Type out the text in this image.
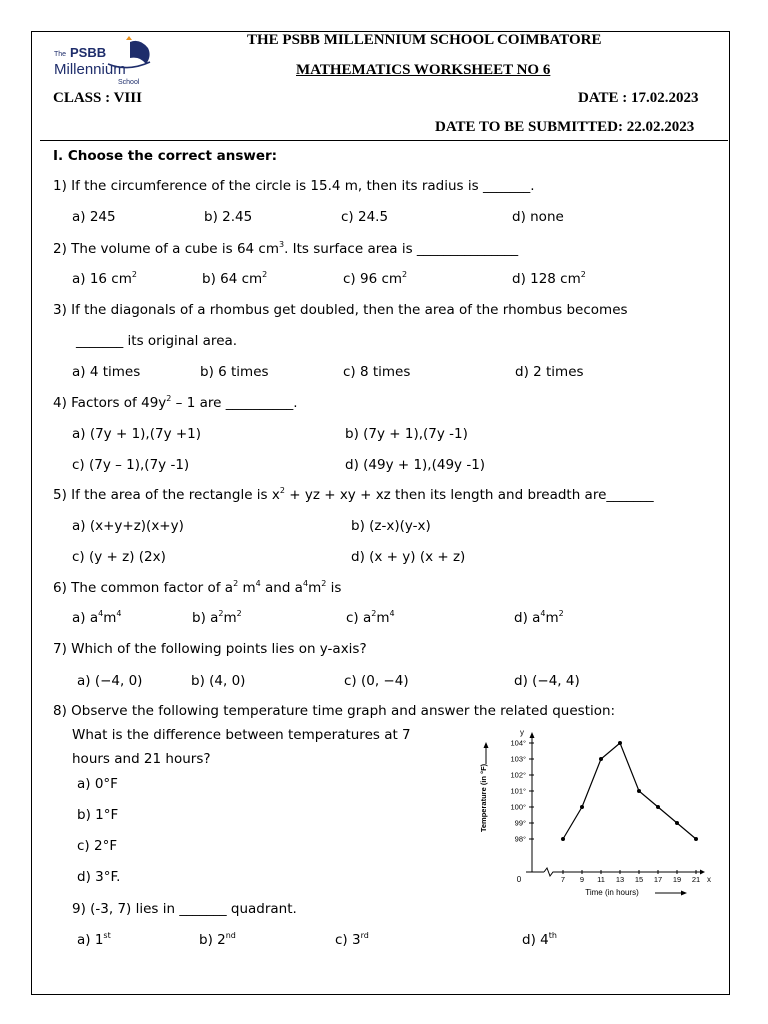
The PSBB
Millennium
School
THE PSBB MILLENNIUM SCHOOL COIMBATORE
MATHEMATICS WORKSHEET NO 6
CLASS : VIII	DATE : 17.02.2023
DATE TO BE SUBMITTED: 22.02.2023
I. Choose the correct answer:
1) If the circumference of the circle is 15.4 m, then its radius is _______.
a) 245	b) 2.45	c) 24.5	d) none
2) The volume of a cube is 64 $cm^3$. Its surface area is _______________
a) 16 $cm^2$	b) 64 $cm^2$	c) 96 $cm^2$	d) 128 $cm^2$
3) If the diagonals of a rhombus get doubled, then the area of the rhombus becomes
_______ its original area.
a) 4 times	b) 6 times	c) 8 times	d) 2 times
4) Factors of $49y^2 - 1$ are __________.
a) (7y + 1),(7y +1)	b) (7y + 1),(7y -1)
c) (7y – 1),(7y -1)	d) (49y + 1),(49y -1)
5) If the area of the rectangle is $x^2$ + yz + xy + xz then its length and breadth are_______
a) (x+y+z)(x+y)	b) (z-x)(y-x)
c) (y + z) (2x)	d) (x + y) (x + z)
6) The common factor of $a^2$ $m^4$ and $a^4m^2$ is
a) $a^4m^4$	b) $a^2m^2$	c) $a^2m^4$	d) $a^4m^2$
7) Which of the following points lies on y-axis?
a) (−4, 0)	b) (4, 0)	c) (0, −4)	d) (−4, 4)
8) Observe the following temperature time graph and answer the related question:
What is the difference between temperatures at 7
hours and 21 hours?
a) 0°F
b) 1°F
c) 2°F
d) 3°F.
98°
99°
100°
101°
102°
103°
104°
7 9 11 13 15 17 19 21
Temperature (in °F)
Time (in hours)
0	x
y
9) (-3, 7) lies in _______ quadrant.
a) 1st	b) 2nd	c) 3rd	d) 4th
